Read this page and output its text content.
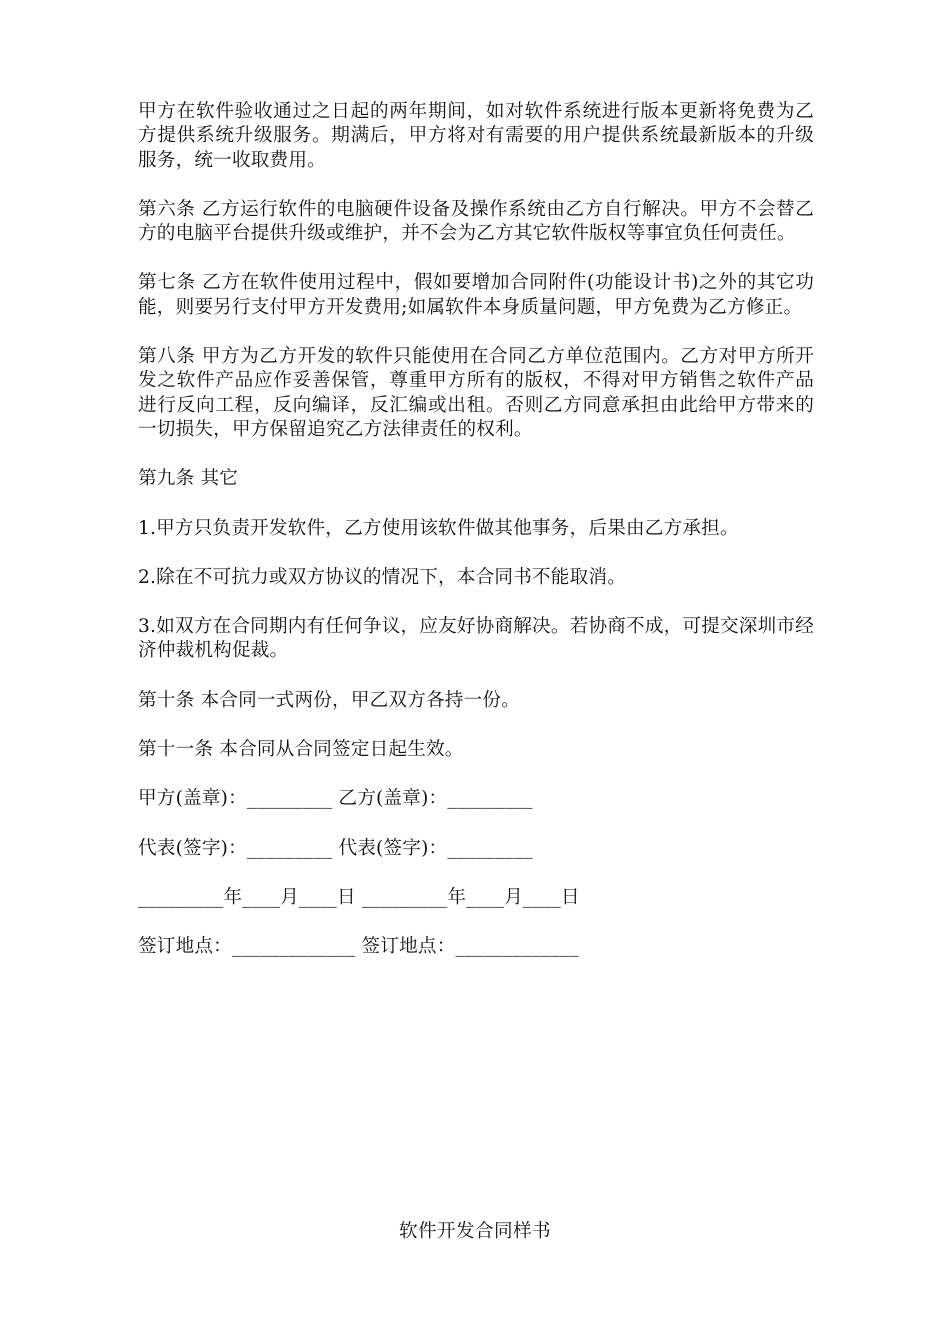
甲方在软件验收通过之日起的两年期间，如对软件系统进行版本更新将免费为乙方提供系统升级服务。期满后，甲方将对有需要的用户提供系统最新版本的升级服务，统一收取费用。

第六条 乙方运行软件的电脑硬件设备及操作系统由乙方自行解决。甲方不会替乙方的电脑平台提供升级或维护，并不会为乙方其它软件版权等事宜负任何责任。

第七条 乙方在软件使用过程中，假如要增加合同附件(功能设计书)之外的其它功能，则要另行支付甲方开发费用;如属软件本身质量问题，甲方免费为乙方修正。

第八条 甲方为乙方开发的软件只能使用在合同乙方单位范围内。乙方对甲方所开发之软件产品应作妥善保管，尊重甲方所有的版权，不得对甲方销售之软件产品进行反向工程，反向编译，反汇编或出租。否则乙方同意承担由此给甲方带来的一切损失，甲方保留追究乙方法律责任的权利。

第九条 其它

1.甲方只负责开发软件，乙方使用该软件做其他事务，后果由乙方承担。

2.除在不可抗力或双方协议的情况下，本合同书不能取消。

3.如双方在合同期内有任何争议，应友好协商解决。若协商不成，可提交深圳市经济仲裁机构促裁。

第十条 本合同一式两份，甲乙双方各持一份。

第十一条 本合同从合同签定日起生效。

甲方(盖章)：_________ 乙方(盖章)：_________
代表(签字)：_________ 代表(签字)：_________
_________年____月____日 _________年____月____日
签订地点：_____________ 签订地点：_____________
软件开发合同样书
